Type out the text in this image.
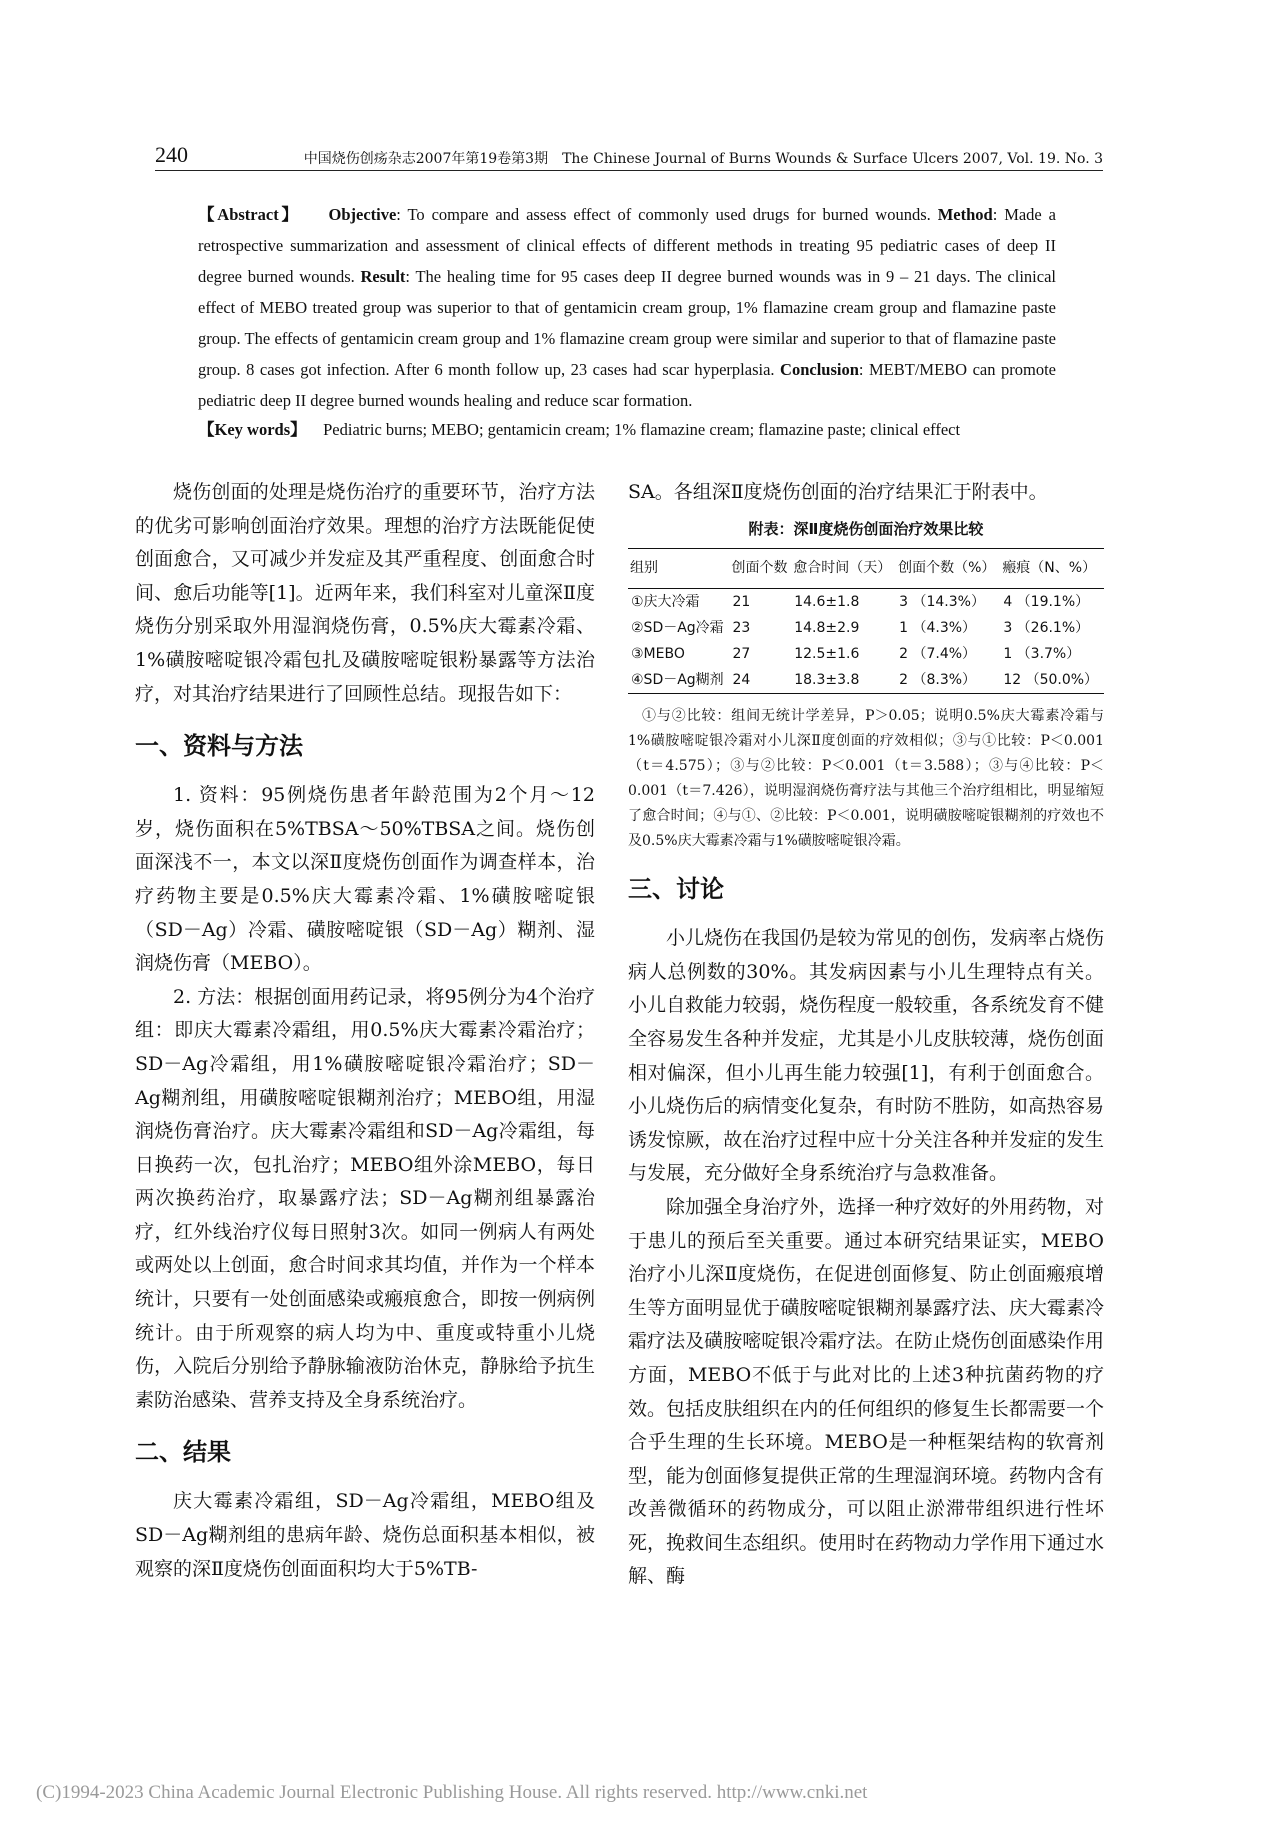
240	中国烧伤创疡杂志2007年第19卷第3期　The Chinese Journal of Burns Wounds & Surface Ulcers 2007, Vol. 19. No. 3
【Abstract】 Objective: To compare and assess effect of commonly used drugs for burned wounds. Method: Made a retrospective summarization and assessment of clinical effects of different methods in treating 95 pediatric cases of deep II degree burned wounds. Result: The healing time for 95 cases deep II degree burned wounds was in 9 – 21 days. The clinical effect of MEBO treated group was superior to that of gentamicin cream group, 1% flamazine cream group and flamazine paste group. The effects of gentamicin cream group and 1% flamazine cream group were similar and superior to that of flamazine paste group. 8 cases got infection. After 6 month follow up, 23 cases had scar hyperplasia. Conclusion: MEBT/MEBO can promote pediatric deep II degree burned wounds healing and reduce scar formation.
【Key words】 Pediatric burns; MEBO; gentamicin cream; 1% flamazine cream; flamazine paste; clinical effect

烧伤创面的处理是烧伤治疗的重要环节，治疗方法的优劣可影响创面治疗效果。理想的治疗方法既能促使创面愈合，又可减少并发症及其严重程度、创面愈合时间、愈后功能等[1]。近两年来，我们科室对儿童深Ⅱ度烧伤分别采取外用湿润烧伤膏，0.5%庆大霉素冷霜、1%磺胺嘧啶银冷霜包扎及磺胺嘧啶银粉暴露等方法治疗，对其治疗结果进行了回顾性总结。现报告如下：

一、资料与方法

1. 资料：95例烧伤患者年龄范围为2个月～12岁，烧伤面积在5%TBSA～50%TBSA之间。烧伤创面深浅不一，本文以深Ⅱ度烧伤创面作为调查样本，治疗药物主要是0.5%庆大霉素冷霜、1%磺胺嘧啶银（SD－Ag）冷霜、磺胺嘧啶银（SD－Ag）糊剂、湿润烧伤膏（MEBO）。

2. 方法：根据创面用药记录，将95例分为4个治疗组：即庆大霉素冷霜组，用0.5%庆大霉素冷霜治疗；SD－Ag冷霜组，用1%磺胺嘧啶银冷霜治疗；SD－Ag糊剂组，用磺胺嘧啶银糊剂治疗；MEBO组，用湿润烧伤膏治疗。庆大霉素冷霜组和SD－Ag冷霜组，每日换药一次，包扎治疗；MEBO组外涂MEBO，每日两次换药治疗，取暴露疗法；SD－Ag糊剂组暴露治疗，红外线治疗仪每日照射3次。如同一例病人有两处或两处以上创面，愈合时间求其均值，并作为一个样本统计，只要有一处创面感染或瘢痕愈合，即按一例病例统计。由于所观察的病人均为中、重度或特重小儿烧伤，入院后分别给予静脉输液防治休克，静脉给予抗生素防治感染、营养支持及全身系统治疗。

二、结果

庆大霉素冷霜组，SD－Ag冷霜组，MEBO组及SD－Ag糊剂组的患病年龄、烧伤总面积基本相似，被观察的深Ⅱ度烧伤创面面积均大于5%TB-

SA。各组深Ⅱ度烧伤创面的治疗结果汇于附表中。

附表：深Ⅱ度烧伤创面治疗效果比较
组别	创面个数	愈合时间（天）	创面个数（%）	瘢痕（N、%）
①庆大冷霜	21	14.6±1.8	3 （14.3%）	4 （19.1%）
②SD－Ag冷霜	23	14.8±2.9	1 （4.3%）	3 （26.1%）
③MEBO	27	12.5±1.6	2 （7.4%）	1 （3.7%）
④SD－Ag糊剂	24	18.3±3.8	2 （8.3%）	12 （50.0%）
①与②比较：组间无统计学差异，P＞0.05；说明0.5%庆大霉素冷霜与1%磺胺嘧啶银冷霜对小儿深Ⅱ度创面的疗效相似；③与①比较：P＜0.001（t＝4.575）；③与②比较：P＜0.001（t＝3.588）；③与④比较：P＜0.001（t＝7.426），说明湿润烧伤膏疗法与其他三个治疗组相比，明显缩短了愈合时间；④与①、②比较：P＜0.001，说明磺胺嘧啶银糊剂的疗效也不及0.5%庆大霉素冷霜与1%磺胺嘧啶银冷霜。
三、讨论

小儿烧伤在我国仍是较为常见的创伤，发病率占烧伤病人总例数的30%。其发病因素与小儿生理特点有关。小儿自救能力较弱，烧伤程度一般较重，各系统发育不健全容易发生各种并发症，尤其是小儿皮肤较薄，烧伤创面相对偏深，但小儿再生能力较强[1]，有利于创面愈合。小儿烧伤后的病情变化复杂，有时防不胜防，如高热容易诱发惊厥，故在治疗过程中应十分关注各种并发症的发生与发展，充分做好全身系统治疗与急救准备。

除加强全身治疗外，选择一种疗效好的外用药物，对于患儿的预后至关重要。通过本研究结果证实，MEBO治疗小儿深Ⅱ度烧伤，在促进创面修复、防止创面瘢痕增生等方面明显优于磺胺嘧啶银糊剂暴露疗法、庆大霉素冷霜疗法及磺胺嘧啶银冷霜疗法。在防止烧伤创面感染作用方面，MEBO不低于与此对比的上述3种抗菌药物的疗效。包括皮肤组织在内的任何组织的修复生长都需要一个合乎生理的生长环境。MEBO是一种框架结构的软膏剂型，能为创面修复提供正常的生理湿润环境。药物内含有改善微循环的药物成分，可以阻止淤滞带组织进行性坏死，挽救间生态组织。使用时在药物动力学作用下通过水解、酶

(C)1994-2023 China Academic Journal Electronic Publishing House. All rights reserved. http://www.cnki.net
